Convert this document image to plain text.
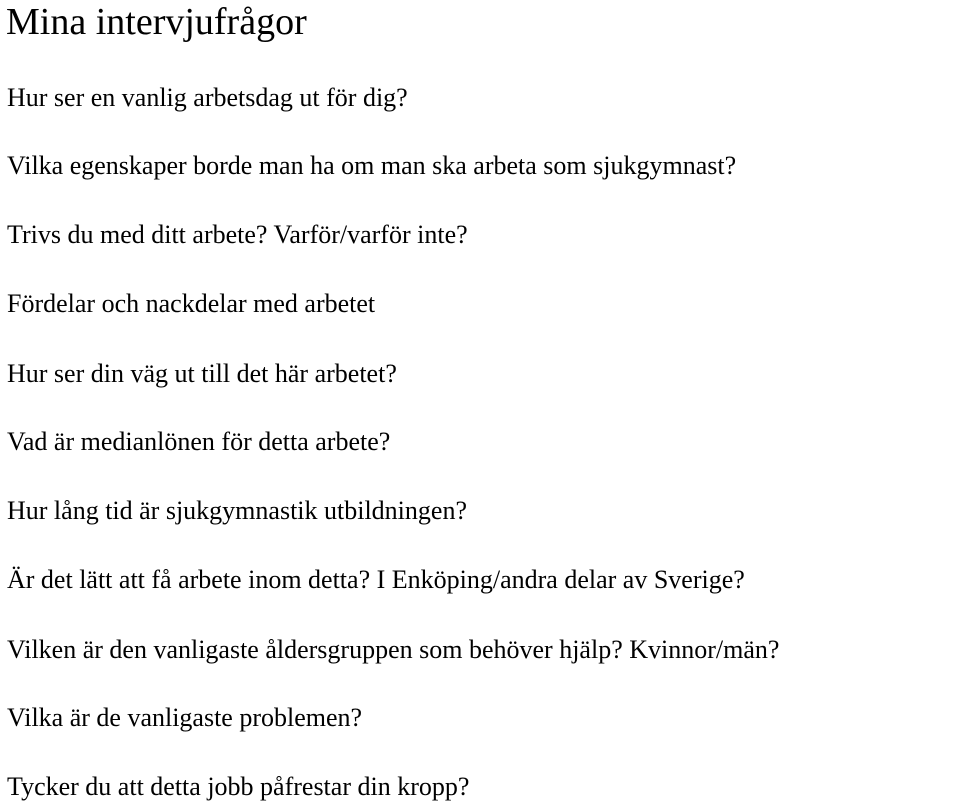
Mina intervjufrågor
Hur ser en vanlig arbetsdag ut för dig?
Vilka egenskaper borde man ha om man ska arbeta som sjukgymnast?
Trivs du med ditt arbete? Varför/varför inte?
Fördelar och nackdelar med arbetet
Hur ser din väg ut till det här arbetet?
Vad är medianlönen för detta arbete?
Hur lång tid är sjukgymnastik utbildningen?
Är det lätt att få arbete inom detta? I Enköping/andra delar av Sverige?
Vilken är den vanligaste åldersgruppen som behöver hjälp? Kvinnor/män?
Vilka är de vanligaste problemen?
Tycker du att detta jobb påfrestar din kropp?
